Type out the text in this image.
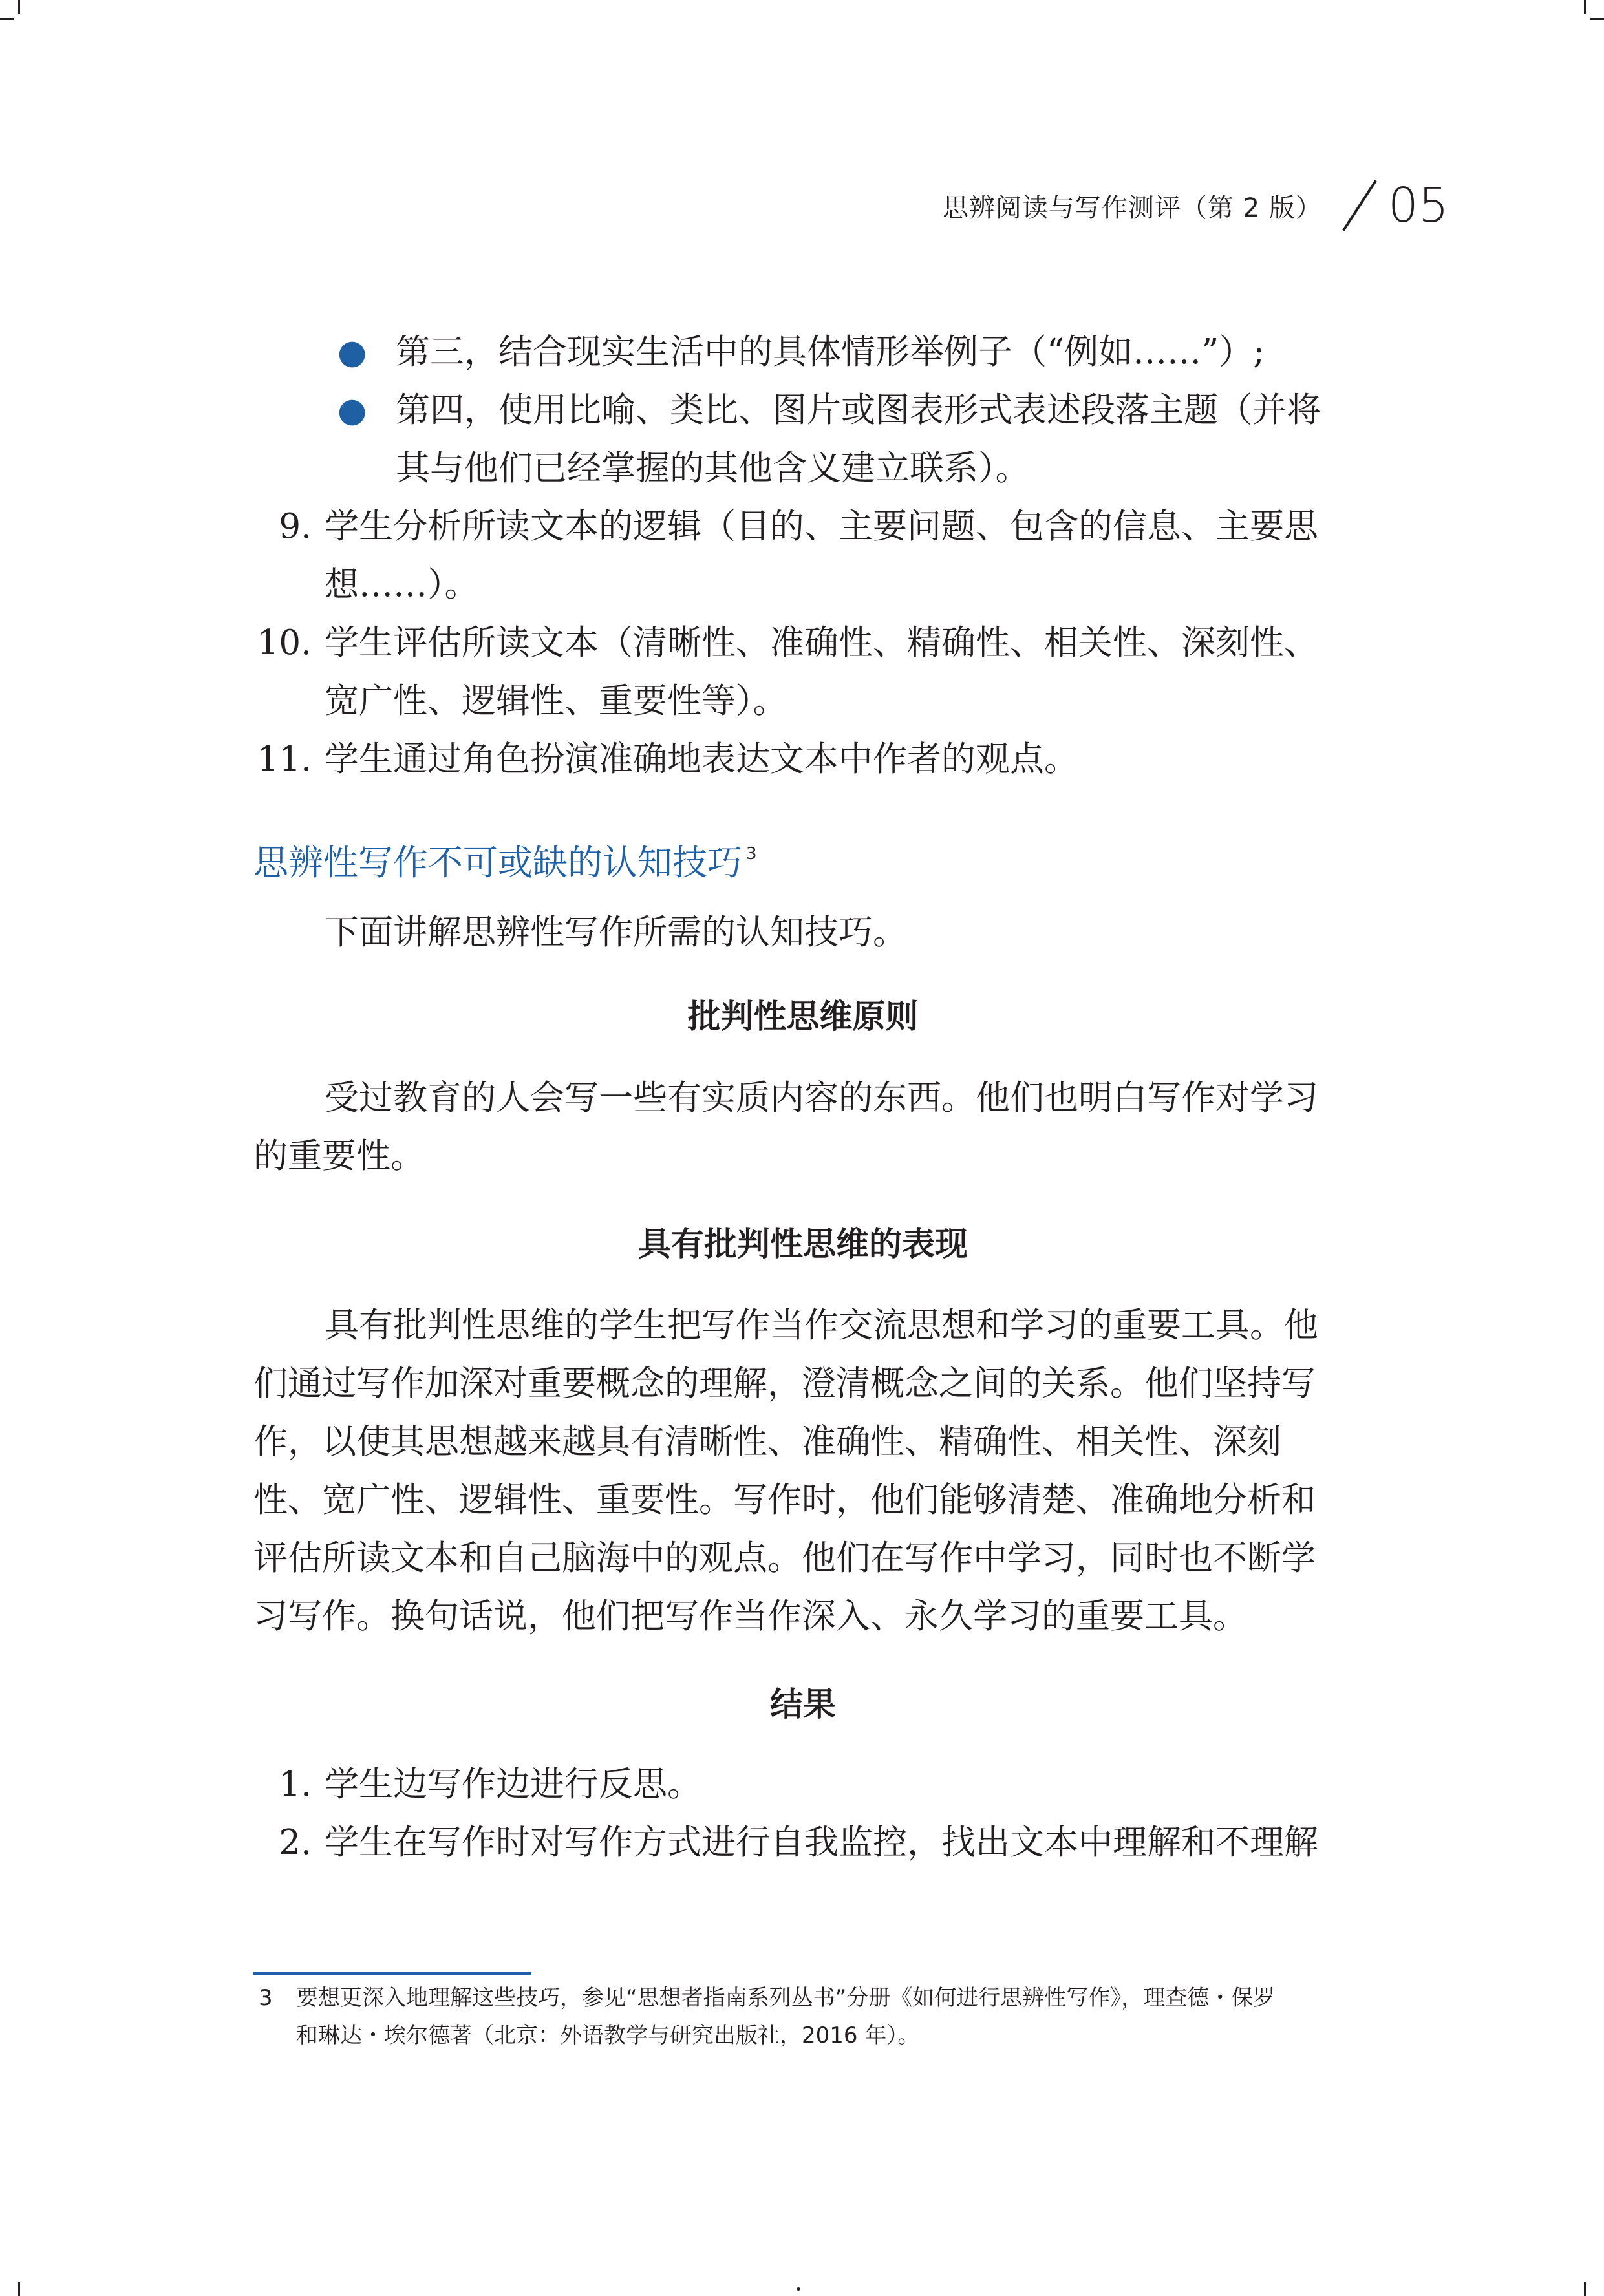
思辨阅读与写作测评（第 2 版） 05
● 第三，结合现实生活中的具体情形举例子（“例如……”）;
● 第四，使用比喻、类比、图片或图表形式表述段落主题（并将
其与他们已经掌握的其他含义建立联系）。
9. 学生分析所读文本的逻辑（目的、主要问题、包含的信息、主要思
想……）。
10. 学生评估所读文本（清晰性、准确性、精确性、相关性、深刻性、
宽广性、逻辑性、重要性等）。
11. 学生通过角色扮演准确地表达文本中作者的观点。
思辨性写作不可或缺的认知技巧 $^3$
下面讲解思辨性写作所需的认知技巧。
批判性思维原则
受过教育的人会写一些有实质内容的东西。他们也明白写作对学习
的重要性。
具有批判性思维的表现
具有批判性思维的学生把写作当作交流思想和学习的重要工具。他
们通过写作加深对重要概念的理解，澄清概念之间的关系。他们坚持写
作，以使其思想越来越具有清晰性、准确性、精确性、相关性、深刻
性、宽广性、逻辑性、重要性。写作时，他们能够清楚、准确地分析和
评估所读文本和自己脑海中的观点。他们在写作中学习，同时也不断学
习写作。换句话说，他们把写作当作深入、永久学习的重要工具。
结果
1. 学生边写作边进行反思。
2. 学生在写作时对写作方式进行自我监控，找出文本中理解和不理解
3 要想更深入地理解这些技巧，参见“思想者指南系列丛书”分册《如何进行思辨性写作》，理查德・保罗
和琳达・埃尔德著（北京：外语教学与研究出版社，2016 年）。
